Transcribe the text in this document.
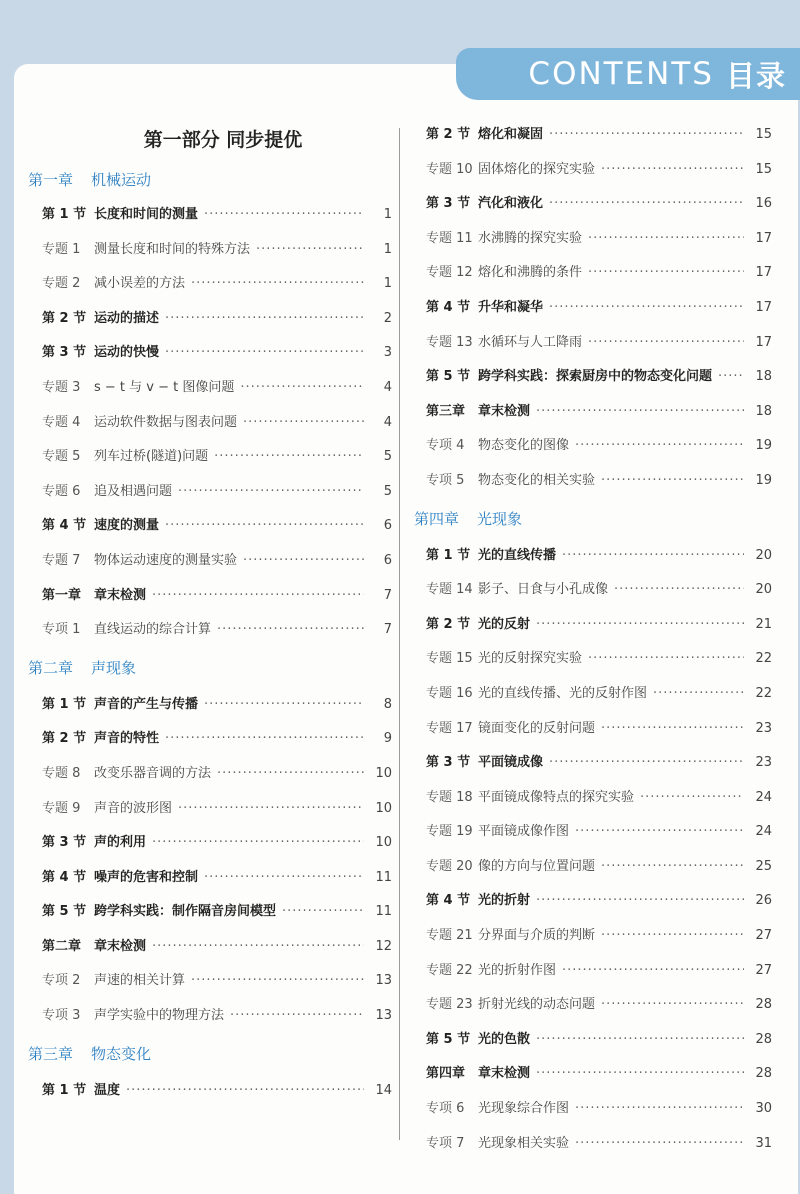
CONTENTS 目录
第一部分 同步提优
第一章 机械运动
第 1 节 长度和时间的测量 ·····	1
专题 1	测量长度和时间的特殊方法 ·····	1
专题 2	减小误差的方法 ·····	1
第 2 节 运动的描述 ·····	2
第 3 节 运动的快慢 ·····	3
专题 3	s − t 与 v − t 图像问题 ·····	4
专题 4	运动软件数据与图表问题 ·····	4
专题 5	列车过桥(隧道)问题 ·····	5
专题 6	追及相遇问题 ·····	5
第 4 节 速度的测量 ·····	6
专题 7	物体运动速度的测量实验 ·····	6
第一章 章末检测 ·····	7
专项 1	直线运动的综合计算 ·····	7
第二章 声现象
第 1 节 声音的产生与传播 ·····	8
第 2 节 声音的特性 ·····	9
专题 8	改变乐器音调的方法 ·····	10
专题 9	声音的波形图 ·····	10
第 3 节 声的利用 ·····	10
第 4 节 噪声的危害和控制 ·····	11
第 5 节 跨学科实践：制作隔音房间模型 ·····	11
第二章 章末检测 ·····	12
专项 2	声速的相关计算 ·····	13
专项 3	声学实验中的物理方法 ·····	13
第三章 物态变化
第 1 节 温度 ·····	14
第 2 节 熔化和凝固 ·····	15
专题 10 固体熔化的探究实验 ·····	15
第 3 节 汽化和液化 ·····	16
专题 11 水沸腾的探究实验 ·····	17
专题 12 熔化和沸腾的条件 ·····	17
第 4 节 升华和凝华 ·····	17
专题 13 水循环与人工降雨 ·····	17
第 5 节 跨学科实践：探索厨房中的物态变化问题 ·····	18
第三章 章末检测 ·····	18
专项 4	物态变化的图像 ·····	19
专项 5	物态变化的相关实验 ·····	19
第四章 光现象
第 1 节 光的直线传播 ·····	20
专题 14 影子、日食与小孔成像 ·····	20
第 2 节 光的反射 ·····	21
专题 15 光的反射探究实验 ·····	22
专题 16 光的直线传播、光的反射作图 ·····	22
专题 17 镜面变化的反射问题 ·····	23
第 3 节 平面镜成像 ·····	23
专题 18 平面镜成像特点的探究实验 ·····	24
专题 19 平面镜成像作图 ·····	24
专题 20 像的方向与位置问题 ·····	25
第 4 节 光的折射 ·····	26
专题 21 分界面与介质的判断 ·····	27
专题 22 光的折射作图 ·····	27
专题 23 折射光线的动态问题 ·····	28
第 5 节 光的色散 ·····	28
第四章 章末检测 ·····	28
专项 6	光现象综合作图 ·····	30
专项 7	光现象相关实验 ·····	31
